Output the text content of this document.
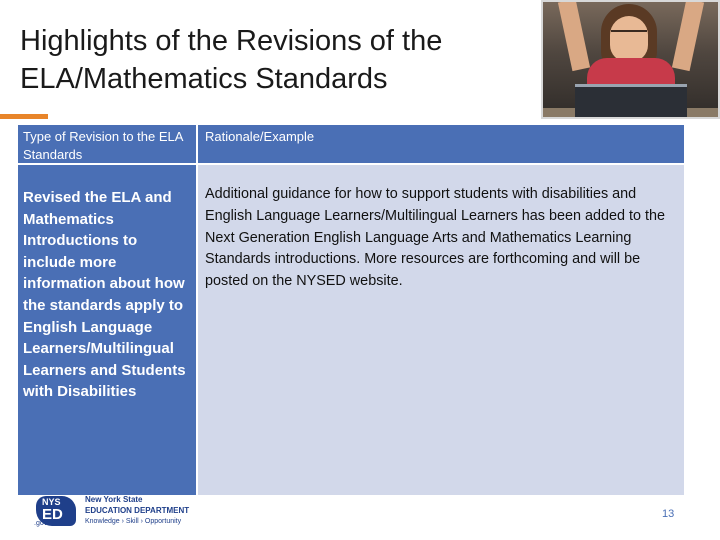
Highlights of the Revisions of the ELA/Mathematics Standards
Type of Revision to the ELA Standards
Rationale/Example
Revised the ELA and Mathematics Introductions to include more information about how the standards apply to English Language Learners/Multilingual Learners and Students with Disabilities
Additional guidance for how to support students with disabilities and English Language Learners/Multilingual Learners has been added to the Next Generation English Language Arts and Mathematics Learning Standards introductions. More resources are forthcoming and will be posted on the NYSED website.
NYS
ED
.gov
New York State
EDUCATION DEPARTMENT
Knowledge › Skill › Opportunity
13
